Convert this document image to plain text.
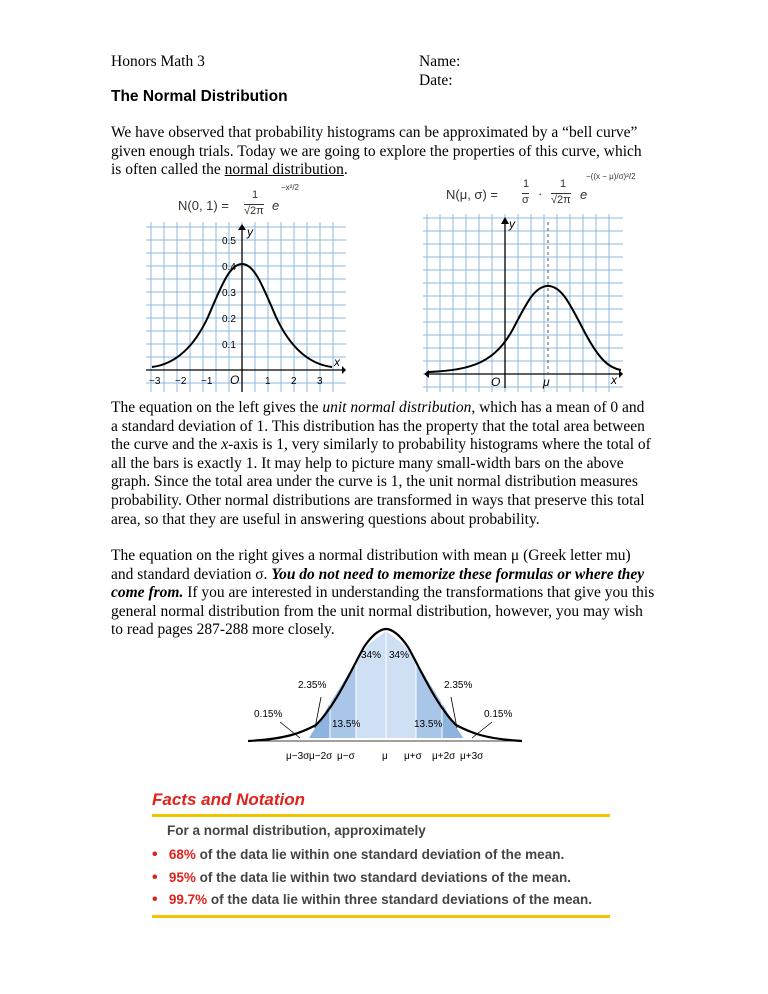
Honors Math 3	Name:
Date:
The Normal Distribution
We have observed that probability histograms can be approximated by a “bell curve” given enough trials. Today we are going to explore the properties of this curve, which is often called the normal distribution.
N(0, 1) =
1
√2π e
−x²/2	N(μ, σ) =
1
σ ·
1
√2π e
−((x − μ)/σ)²/2
y
x
O
0.5
0.4
0.3
0.2
0.1
−3 −2 −1	1 2 3
y
x
O	μ
The equation on the left gives the unit normal distribution, which has a mean of 0 and a standard deviation of 1. This distribution has the property that the total area between the curve and the x-axis is 1, very similarly to probability histograms where the total of all the bars is exactly 1. It may help to picture many small-width bars on the above graph. Since the total area under the curve is 1, the unit normal distribution measures probability. Other normal distributions are transformed in ways that preserve this total area, so that they are useful in answering questions about probability.
The equation on the right gives a normal distribution with mean μ (Greek letter mu) and standard deviation σ. You do not need to memorize these formulas or where they come from. If you are interested in understanding the transformations that give you this general normal distribution from the unit normal distribution, however, you may wish to read pages 287-288 more closely.
34% 34%
2.35%	2.35%
0.15%	0.15%
13.5%	13.5%
μ−3σ μ−2σ μ−σ	μ μ+σ μ+2σ μ+3σ
Facts and Notation
For a normal distribution, approximately
• 68% of the data lie within one standard deviation of the mean.
• 95% of the data lie within two standard deviations of the mean.
• 99.7% of the data lie within three standard deviations of the mean.
